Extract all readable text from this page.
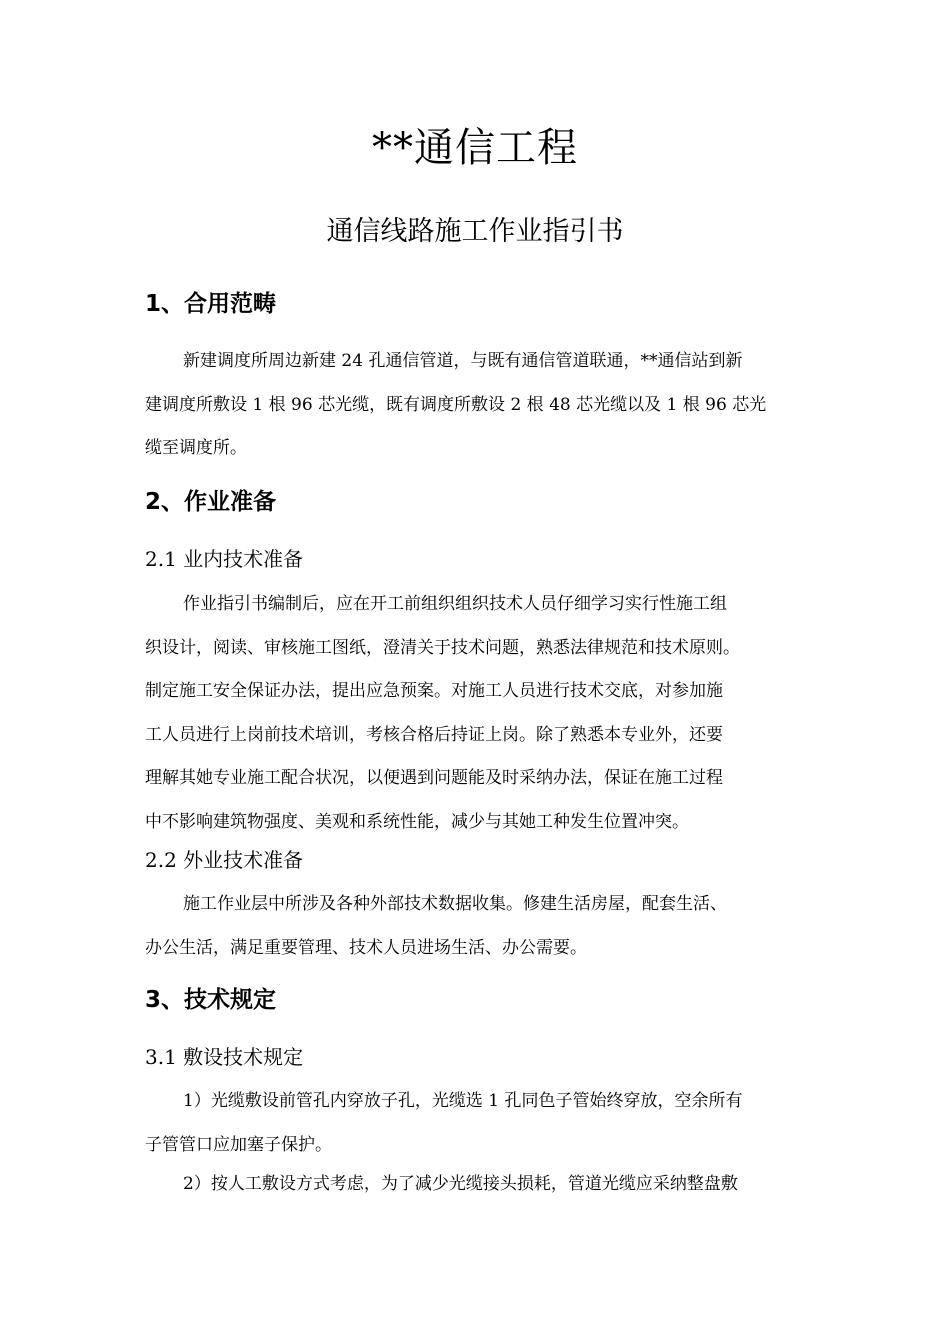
**通信工程
通信线路施工作业指引书
1、合用范畴
新建调度所周边新建 24 孔通信管道，与既有通信管道联通，**通信站到新
建调度所敷设 1 根 96 芯光缆，既有调度所敷设 2 根 48 芯光缆以及 1 根 96 芯光
缆至调度所。
2、作业准备
2.1 业内技术准备
作业指引书编制后，应在开工前组织组织技术人员仔细学习实行性施工组
织设计，阅读、审核施工图纸，澄清关于技术问题，熟悉法律规范和技术原则。
制定施工安全保证办法，提出应急预案。对施工人员进行技术交底，对参加施
工人员进行上岗前技术培训，考核合格后持证上岗。除了熟悉本专业外，还要
理解其她专业施工配合状况，以便遇到问题能及时采纳办法，保证在施工过程
中不影响建筑物强度、美观和系统性能，减少与其她工种发生位置冲突。
2.2 外业技术准备
施工作业层中所涉及各种外部技术数据收集。修建生活房屋，配套生活、
办公生活，满足重要管理、技术人员进场生活、办公需要。
3、技术规定
3.1 敷设技术规定
1）光缆敷设前管孔内穿放子孔，光缆选 1 孔同色子管始终穿放，空余所有
子管管口应加塞子保护。
2）按人工敷设方式考虑，为了减少光缆接头损耗，管道光缆应采纳整盘敷
